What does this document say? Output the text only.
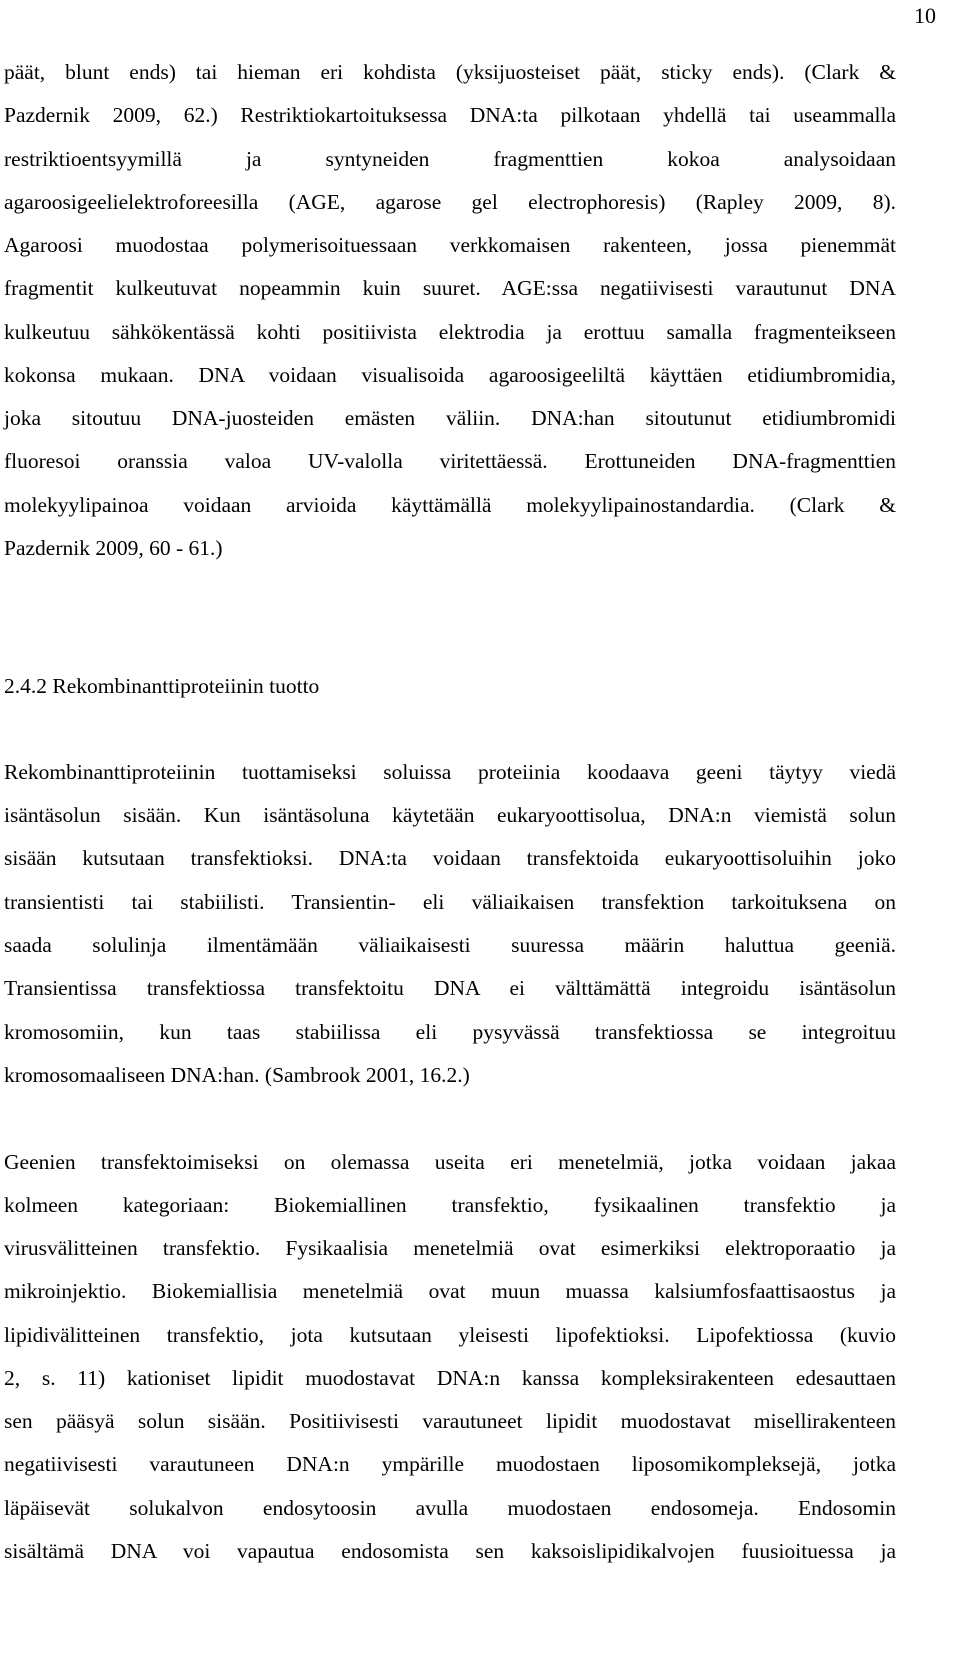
10
päät, blunt ends) tai hieman eri kohdista (yksijuosteiset päät, sticky ends). (Clark &
Pazdernik 2009, 62.) Restriktiokartoituksessa DNA:ta pilkotaan yhdellä tai useammalla
restriktioentsyymillä ja syntyneiden fragmenttien kokoa analysoidaan
agaroosigeelielektroforeesilla (AGE, agarose gel electrophoresis) (Rapley 2009, 8).
Agaroosi muodostaa polymerisoituessaan verkkomaisen rakenteen, jossa pienemmät
fragmentit kulkeutuvat nopeammin kuin suuret. AGE:ssa negatiivisesti varautunut DNA
kulkeutuu sähkökentässä kohti positiivista elektrodia ja erottuu samalla fragmenteikseen
kokonsa mukaan. DNA voidaan visualisoida agaroosigeeliltä käyttäen etidiumbromidia,
joka sitoutuu DNA-juosteiden emästen väliin. DNA:han sitoutunut etidiumbromidi
fluoresoi oranssia valoa UV-valolla viritettäessä. Erottuneiden DNA-fragmenttien
molekyylipainoa voidaan arvioida käyttämällä molekyylipainostandardia. (Clark &
Pazdernik 2009, 60 - 61.)
2.4.2 Rekombinanttiproteiinin tuotto
Rekombinanttiproteiinin tuottamiseksi soluissa proteiinia koodaava geeni täytyy viedä
isäntäsolun sisään. Kun isäntäsoluna käytetään eukaryoottisolua, DNA:n viemistä solun
sisään kutsutaan transfektioksi. DNA:ta voidaan transfektoida eukaryoottisoluihin joko
transientisti tai stabiilisti. Transientin- eli väliaikaisen transfektion tarkoituksena on
saada solulinja ilmentämään väliaikaisesti suuressa määrin haluttua geeniä.
Transientissa transfektiossa transfektoitu DNA ei välttämättä integroidu isäntäsolun
kromosomiin, kun taas stabiilissa eli pysyvässä transfektiossa se integroituu
kromosomaaliseen DNA:han. (Sambrook 2001, 16.2.)
Geenien transfektoimiseksi on olemassa useita eri menetelmiä, jotka voidaan jakaa
kolmeen kategoriaan: Biokemiallinen transfektio, fysikaalinen transfektio ja
virusvälitteinen transfektio. Fysikaalisia menetelmiä ovat esimerkiksi elektroporaatio ja
mikroinjektio. Biokemiallisia menetelmiä ovat muun muassa kalsiumfosfaattisaostus ja
lipidivälitteinen transfektio, jota kutsutaan yleisesti lipofektioksi. Lipofektiossa (kuvio
2, s. 11) kationiset lipidit muodostavat DNA:n kanssa kompleksirakenteen edesauttaen
sen pääsyä solun sisään. Positiivisesti varautuneet lipidit muodostavat misellirakenteen
negatiivisesti varautuneen DNA:n ympärille muodostaen liposomikompleksejä, jotka
läpäisevät solukalvon endosytoosin avulla muodostaen endosomeja. Endosomin
sisältämä DNA voi vapautua endosomista sen kaksoislipidikalvojen fuusioituessa ja
